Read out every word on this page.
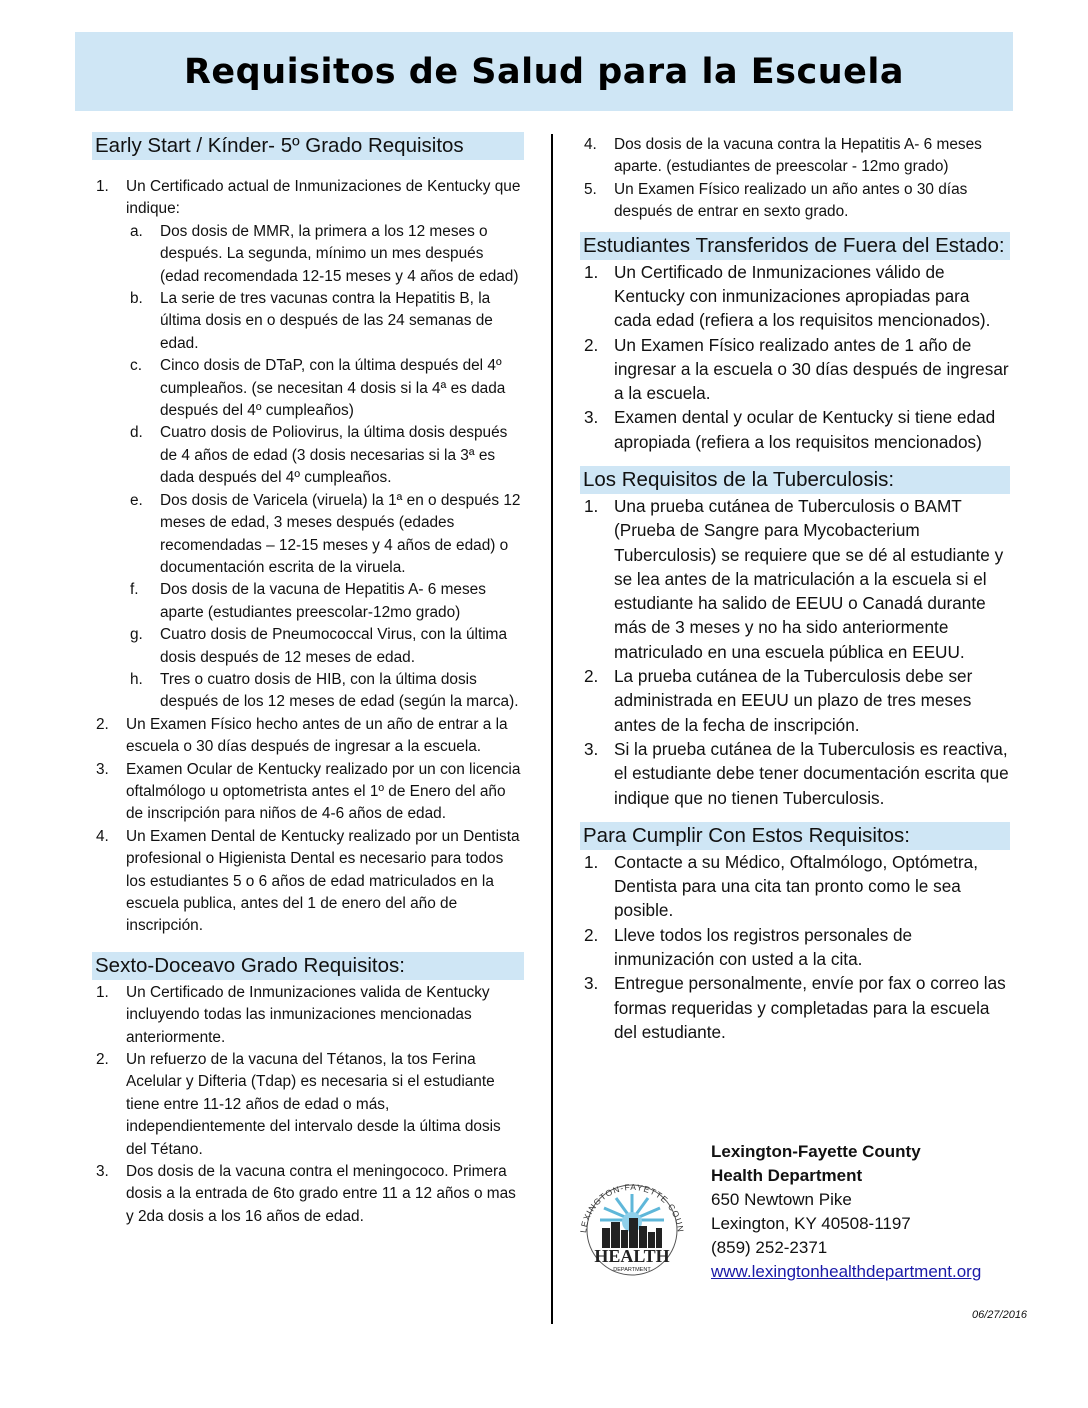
Requisitos de Salud para la Escuela
Early Start / Kínder- 5º Grado Requisitos
1. Un Certificado actual de Inmunizaciones de Kentucky que indique:
a. Dos dosis de MMR, la primera a los 12 meses o después. La segunda, mínimo un mes después (edad recomendada 12-15 meses y 4 años de edad)
b. La serie de tres vacunas contra la Hepatitis B, la última dosis en o después de las 24 semanas de edad.
c. Cinco dosis de DTaP, con la última después del 4º cumpleaños. (se necesitan 4 dosis si la 4ª es dada después del 4º cumpleaños)
d. Cuatro dosis de Poliovirus, la última dosis después de 4 años de edad (3 dosis necesarias si la 3ª es dada después del 4º cumpleaños.
e. Dos dosis de Varicela (viruela) la 1ª en o después 12 meses de edad, 3 meses después (edades recomendadas – 12-15 meses y 4 años de edad) o documentación escrita de la viruela.
f. Dos dosis de la vacuna de Hepatitis A- 6 meses aparte (estudiantes preescolar-12mo grado)
g. Cuatro dosis de Pneumococcal Virus, con la última dosis después de 12 meses de edad.
h. Tres o cuatro dosis de HIB, con la última dosis después de los 12 meses de edad (según la marca).
2. Un Examen Físico hecho antes de un año de entrar a la escuela o 30 días después de ingresar a la escuela.
3. Examen Ocular de Kentucky realizado por un con licencia oftalmólogo u optometrista antes el 1º de Enero del año de inscripción para niños de 4-6 años de edad.
4. Un Examen Dental de Kentucky realizado por un Dentista profesional o Higienista Dental es necesario para todos los estudiantes 5 o 6 años de edad matriculados en la escuela publica, antes del 1 de enero del año de inscripción.
Sexto-Doceavo Grado Requisitos:
1. Un Certificado de Inmunizaciones valida de Kentucky incluyendo todas las inmunizaciones mencionadas anteriormente.
2. Un refuerzo de la vacuna del Tétanos, la tos Ferina Acelular y Difteria (Tdap) es necesaria si el estudiante tiene entre 11-12 años de edad o más, independientemente del intervalo desde la última dosis del Tétano.
3. Dos dosis de la vacuna contra el meningococo. Primera dosis a la entrada de 6to grado entre 11 a 12 años o mas y 2da dosis a los 16 años de edad.
4. Dos dosis de la vacuna contra la Hepatitis A- 6 meses aparte. (estudiantes de preescolar - 12mo grado)
5. Un Examen Físico realizado un año antes o 30 días después de entrar en sexto grado.
Estudiantes Transferidos de Fuera del Estado:
1. Un Certificado de Inmunizaciones válido de Kentucky con inmunizaciones apropiadas para cada edad (refiera a los requisitos mencionados).
2. Un Examen Físico realizado antes de 1 año de ingresar a la escuela o 30 días después de ingresar a la escuela.
3. Examen dental y ocular de Kentucky si tiene edad apropiada (refiera a los requisitos mencionados)
Los Requisitos de la Tuberculosis:
1. Una prueba cutánea de Tuberculosis o BAMT (Prueba de Sangre para Mycobacterium Tuberculosis) se requiere que se dé al estudiante y se lea antes de la matriculación a la escuela si el estudiante ha salido de EEUU o Canadá durante más de 3 meses y no ha sido anteriormente matriculado en una escuela pública en EEUU.
2. La prueba cutánea de la Tuberculosis debe ser administrada en EEUU un plazo de tres meses antes de la fecha de inscripción.
3. Si la prueba cutánea de la Tuberculosis es reactiva, el estudiante debe tener documentación escrita que indique que no tienen Tuberculosis.
Para Cumplir Con Estos Requisitos:
1. Contacte a su Médico, Oftalmólogo, Optómetra, Dentista para una cita tan pronto como le sea posible.
2. Lleve todos los registros personales de inmunización con usted a la cita.
3. Entregue personalmente, envíe por fax o correo las formas requeridas y completadas para la escuela del estudiante.
LEXINGTON-FAYETTE COUN
HEALTH
DEPARTMENT
Lexington-Fayette County
Health Department
650 Newtown Pike
Lexington, KY 40508-1197
(859) 252-2371
www.lexingtonhealthdepartment.org
06/27/2016
